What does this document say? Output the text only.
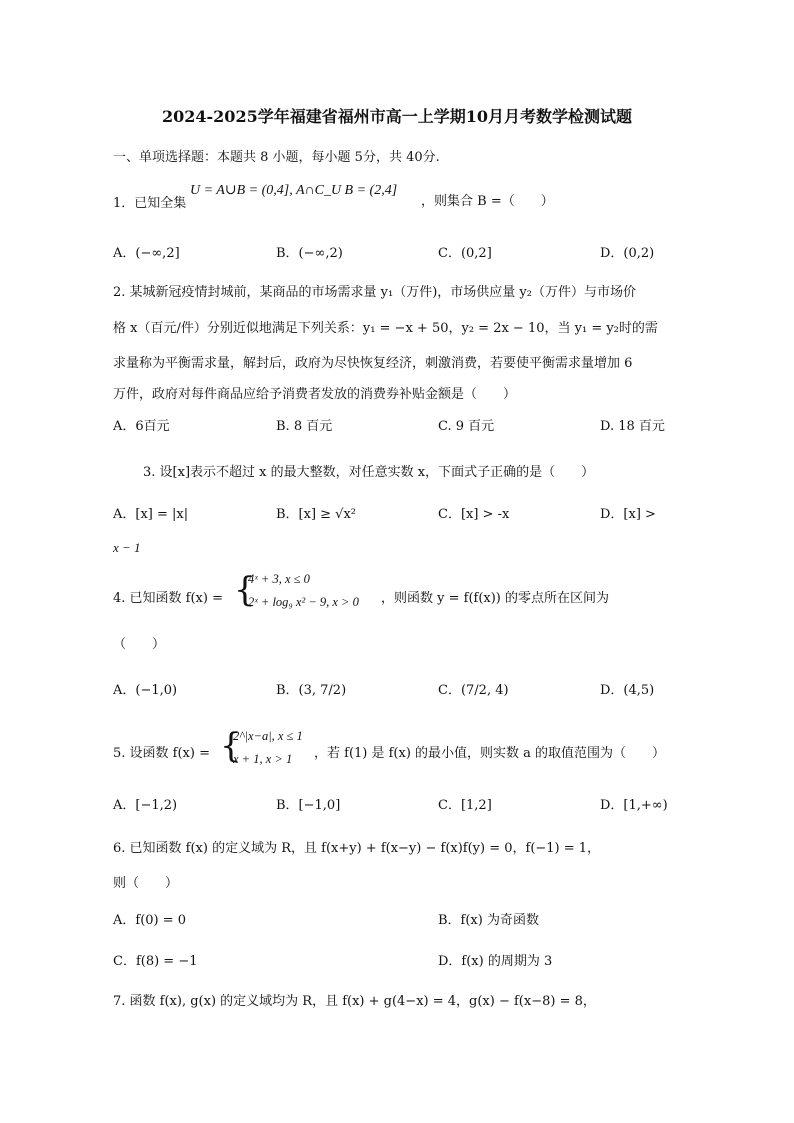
2024-2025学年福建省福州市高一上学期10月月考数学检测试题
一、单项选择题：本题共 8 小题，每小题 5分，共 40分.
1．已知全集
U = A∪B = (0,4], A∩C_U B = (2,4]
，则集合 B =（　　）
A．(−∞,2]	B．(−∞,2)	C．(0,2]	D．(0,2)
2. 某城新冠疫情封城前，某商品的市场需求量 y₁（万件)，市场供应量 y₂（万件）与市场价
格 x（百元/件）分别近似地满足下列关系：y₁ = −x + 50，y₂ = 2x − 10，当 y₁ = y₂时的需
求量称为平衡需求量，解封后，政府为尽快恢复经济，刺激消费，若要使平衡需求量增加 6
万件，政府对每件商品应给予消费者发放的消费券补贴金额是（　　）
A．6百元	B. 8 百元	C. 9 百元	D. 18 百元
3. 设[x]表示不超过 x 的最大整数，对任意实数 x，下面式子正确的是（　　）
A．[x] = |x|	B．[x] ≥ √x²	C．[x] > -x	D．[x] >
x − 1
4. 已知函数 f(x) = {
4ˣ + 3, x ≤ 0
2ˣ + log₉ x² − 9, x > 0 ，则函数 y = f(f(x)) 的零点所在区间为
（　　）
A．(−1,0)	B．(3, 7/2)	C．(7/2, 4)	D．(4,5)
5. 设函数 f(x) = {
2^|x−a|, x ≤ 1
x + 1, x > 1 ，若 f(1) 是 f(x) 的最小值，则实数 a 的取值范围为（　　）
A．[−1,2)	B．[−1,0]	C．[1,2]	D．[1,+∞)
6. 已知函数 f(x) 的定义域为 R，且 f(x+y) + f(x−y) − f(x)f(y) = 0，f(−1) = 1，
则（　　）
A．f(0) = 0	B．f(x) 为奇函数
C．f(8) = −1	D．f(x) 的周期为 3
7. 函数 f(x), g(x) 的定义域均为 R，且 f(x) + g(4−x) = 4，g(x) − f(x−8) = 8，
